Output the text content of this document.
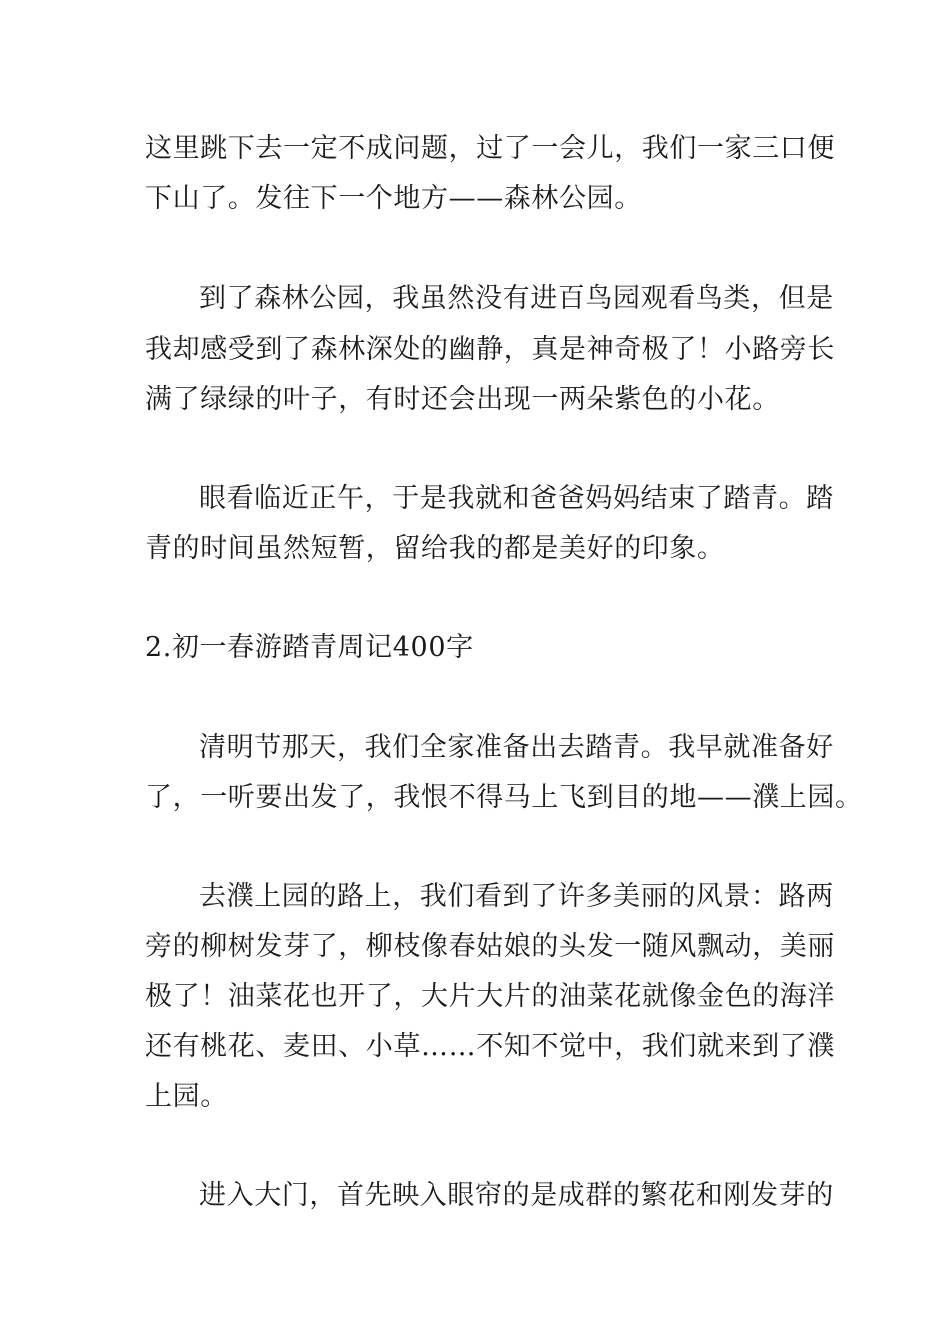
这里跳下去一定不成问题，过了一会儿，我们一家三口便

下山了。发往下一个地方——森林公园。

到了森林公园，我虽然没有进百鸟园观看鸟类，但是

我却感受到了森林深处的幽静，真是神奇极了！小路旁长

满了绿绿的叶子，有时还会出现一两朵紫色的小花。

眼看临近正午，于是我就和爸爸妈妈结束了踏青。踏

青的时间虽然短暂，留给我的都是美好的印象。

2.初一春游踏青周记400字

清明节那天，我们全家准备出去踏青。我早就准备好

了，一听要出发了，我恨不得马上飞到目的地——濮上园。

去濮上园的路上，我们看到了许多美丽的风景：路两

旁的柳树发芽了，柳枝像春姑娘的头发一随风飘动，美丽

极了！油菜花也开了，大片大片的油菜花就像金色的海洋

还有桃花、麦田、小草……不知不觉中，我们就来到了濮

上园。

进入大门，首先映入眼帘的是成群的繁花和刚发芽的
